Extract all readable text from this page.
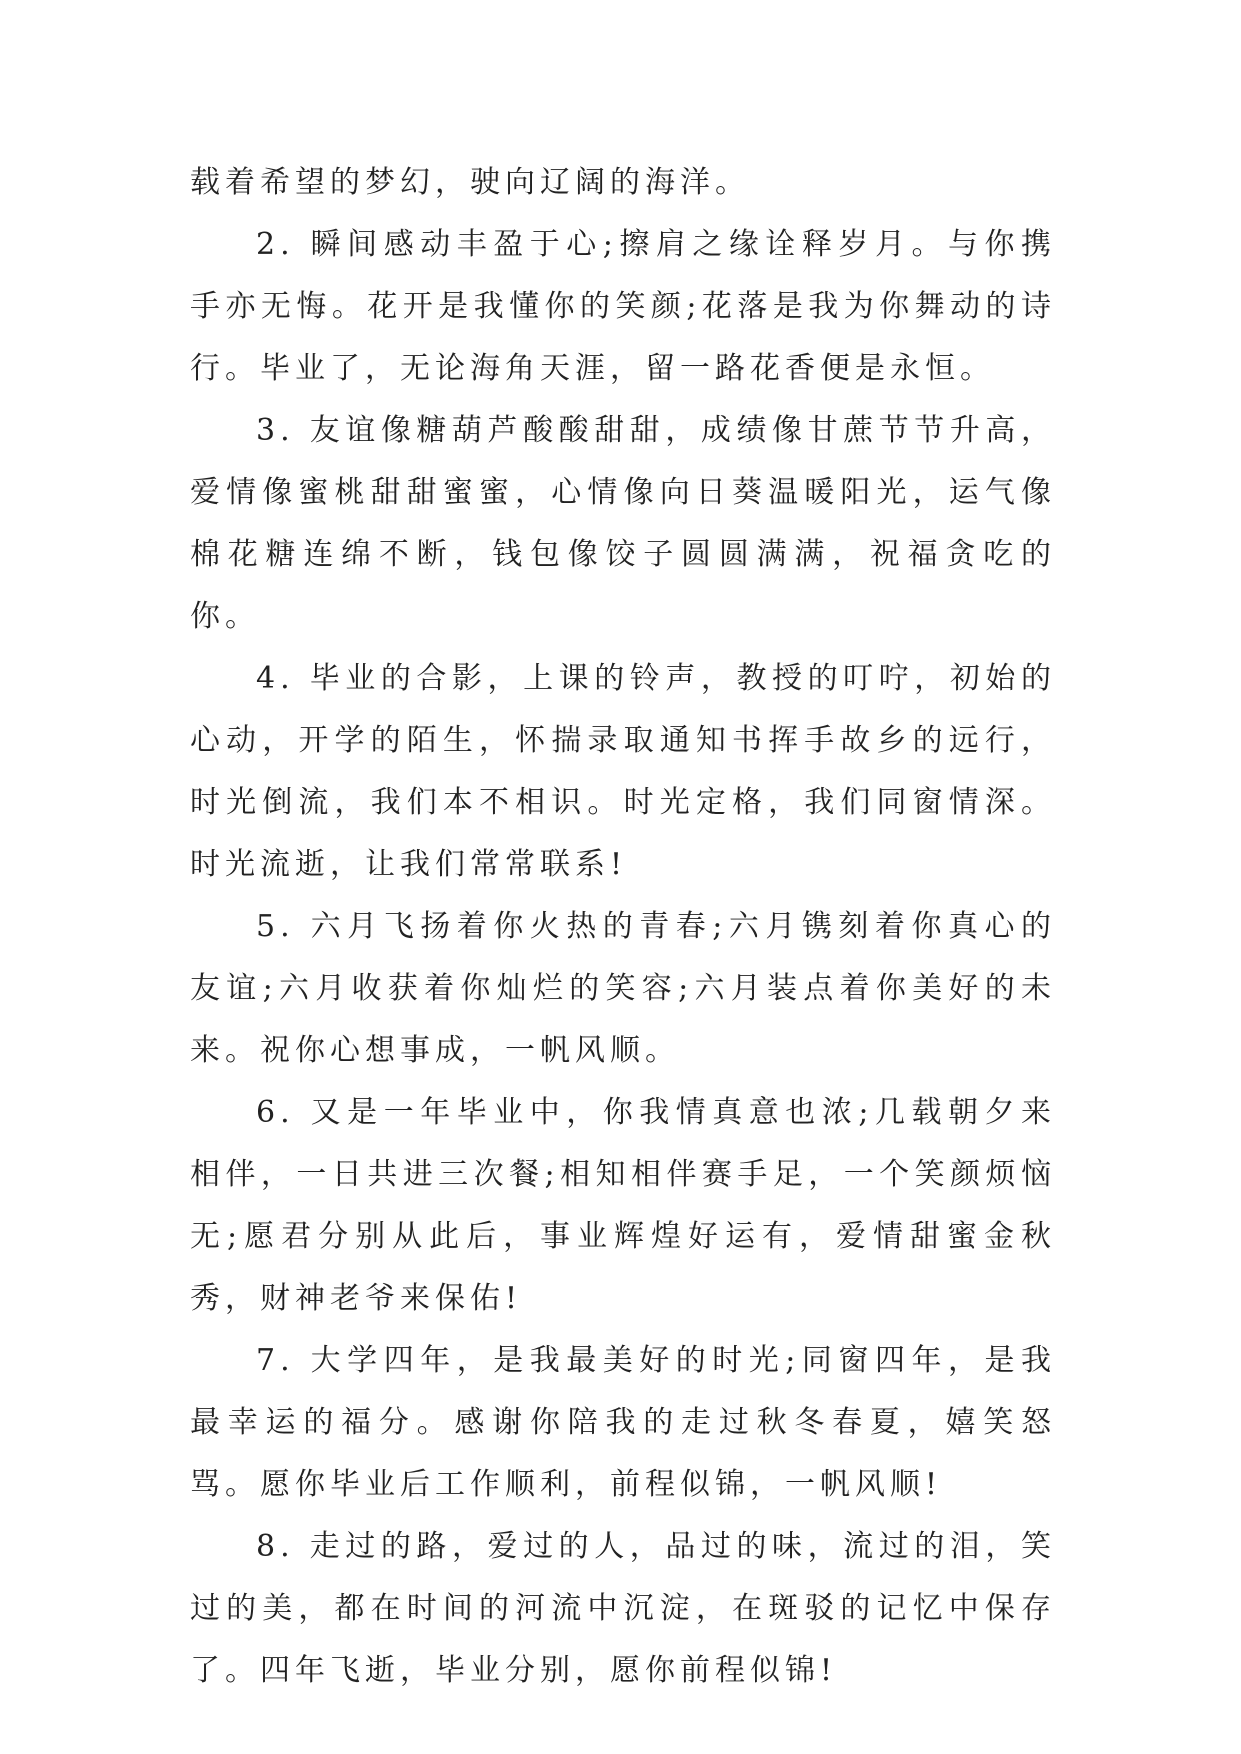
载着希望的梦幻，驶向辽阔的海洋。

2. 瞬间感动丰盈于心;擦肩之缘诠释岁月。与你携手亦无悔。花开是我懂你的笑颜;花落是我为你舞动的诗行。毕业了，无论海角天涯，留一路花香便是永恒。

3. 友谊像糖葫芦酸酸甜甜，成绩像甘蔗节节升高，爱情像蜜桃甜甜蜜蜜，心情像向日葵温暖阳光，运气像棉花糖连绵不断，钱包像饺子圆圆满满，祝福贪吃的你。

4. 毕业的合影，上课的铃声，教授的叮咛，初始的心动，开学的陌生，怀揣录取通知书挥手故乡的远行，时光倒流，我们本不相识。时光定格，我们同窗情深。时光流逝，让我们常常联系!

5. 六月飞扬着你火热的青春;六月镌刻着你真心的友谊;六月收获着你灿烂的笑容;六月装点着你美好的未来。祝你心想事成，一帆风顺。

6. 又是一年毕业中，你我情真意也浓;几载朝夕来相伴，一日共进三次餐;相知相伴赛手足，一个笑颜烦恼无;愿君分别从此后，事业辉煌好运有，爱情甜蜜金秋秀，财神老爷来保佑!

7. 大学四年，是我最美好的时光;同窗四年，是我最幸运的福分。感谢你陪我的走过秋冬春夏，嬉笑怒骂。愿你毕业后工作顺利，前程似锦，一帆风顺!

8. 走过的路，爱过的人，品过的味，流过的泪，笑过的美，都在时间的河流中沉淀，在斑驳的记忆中保存了。四年飞逝，毕业分别，愿你前程似锦!
